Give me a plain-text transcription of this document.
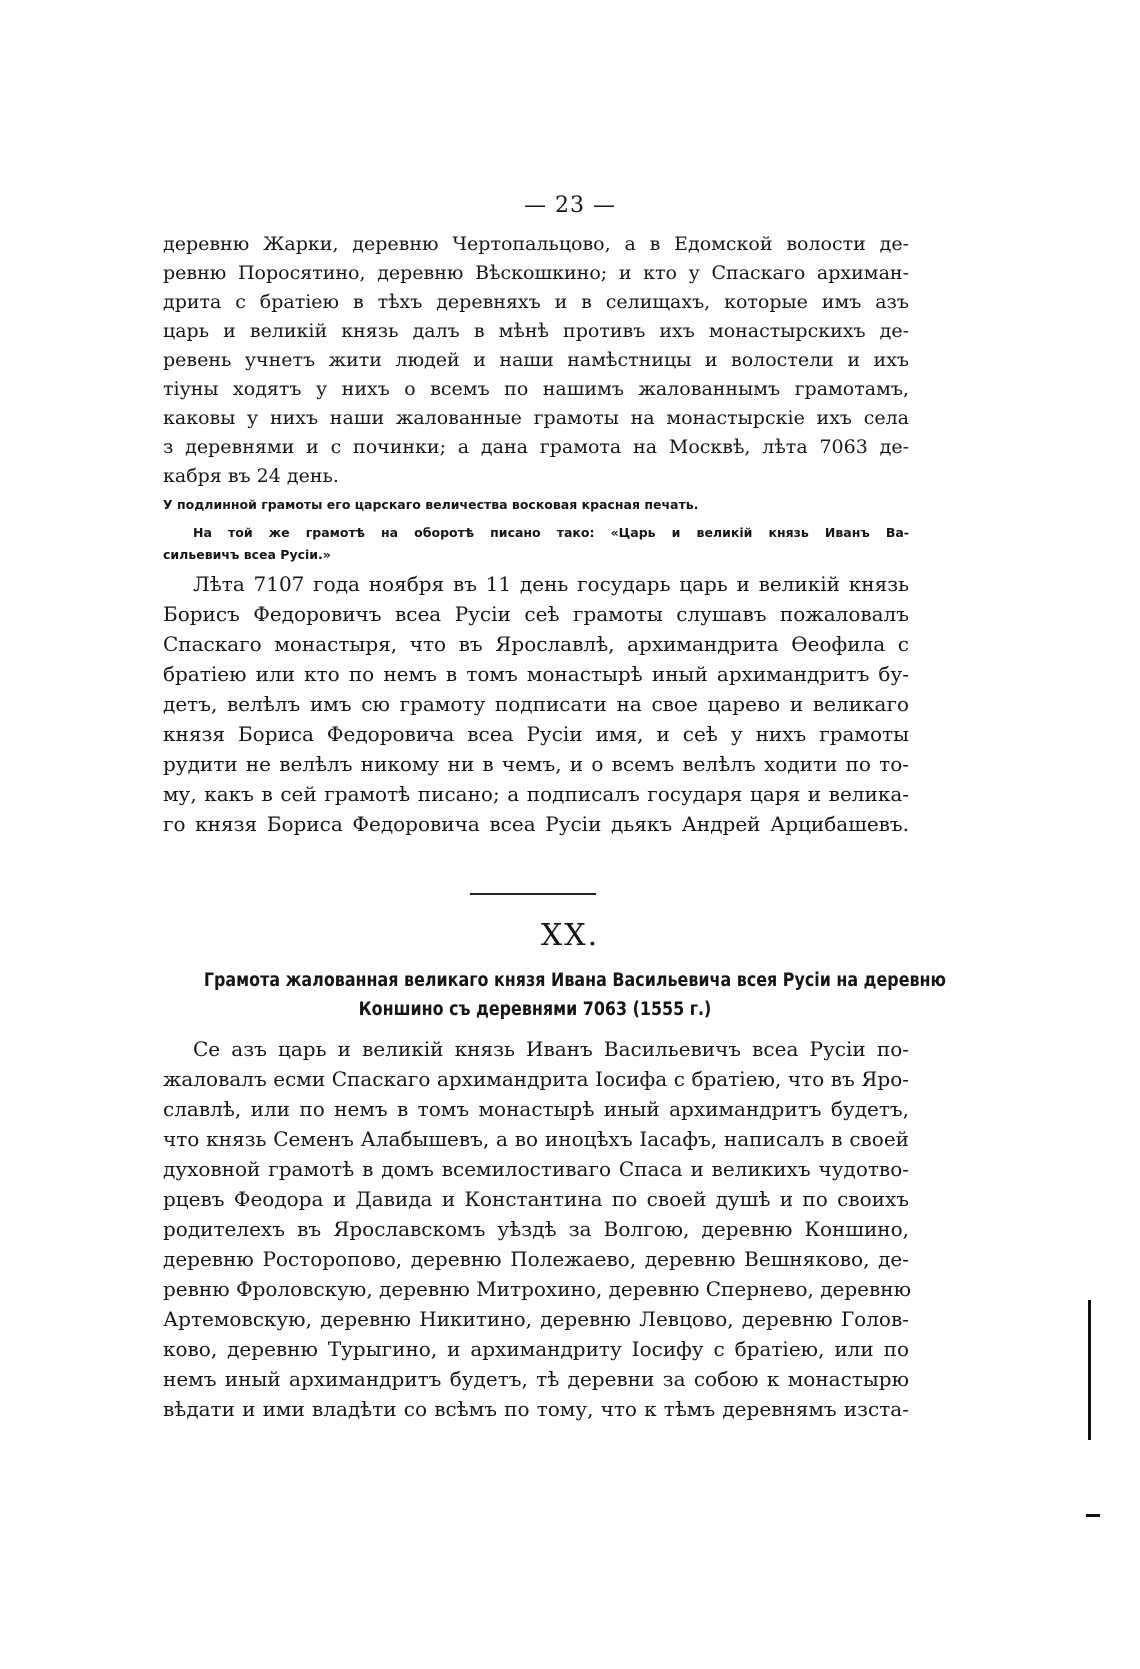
— 23 —
деревню Жарки, деревню Чертопальцово, а в Едомской волости де-
ревню Поросятино, деревню Вѣскошкино; и кто у Спаскаго архиман-
дрита с братiею в тѣхъ деревняхъ и в селищахъ, которые имъ азъ
царь и великiй князь далъ в мѣнѣ противъ ихъ монастырскихъ де-
ревень учнетъ жити людей и наши намѣстницы и волостели и ихъ
тiуны ходятъ у нихъ о всемъ по нашимъ жалованнымъ грамотамъ,
каковы у нихъ наши жалованные грамоты на монастырскiе ихъ села
з деревнями и с починки; а дана грамота на Москвѣ, лѣта 7063 де-
кабря въ 24 день.
У подлинной грамоты его царскаго величества восковая красная печать.
На той же грамотѣ на оборотѣ писано тако: «Царь и великiй князь Иванъ Ва-
сильевичъ всеа Русiи.»
Лѣта 7107 года ноября въ 11 день государь царь и великiй князь
Борисъ Федоровичъ всеа Русiи сеѣ грамоты слушавъ пожаловалъ
Спаскаго монастыря, что въ Ярославлѣ, архимандрита Ѳеофила с
братiею или кто по немъ в томъ монастырѣ иный архимандритъ бу-
детъ, велѣлъ имъ сю грамоту подписати на свое царево и великаго
князя Бориса Федоровича всеа Русiи имя, и сеѣ у нихъ грамоты
рудити не велѣлъ никому ни в чемъ, и о всемъ велѣлъ ходити по то-
му, какъ в сей грамотѣ писано; а подписалъ государя царя и велика-
го князя Бориса Федоровича всеа Русiи дьякъ Андрей Арцибашевъ.
XX.
Грамота жалованная великаго князя Ивана Васильевича всея Русiи на деревню
Коншино съ деревнями 7063 (1555 г.)
Се азъ царь и великiй князь Иванъ Васильевичъ всеа Русiи по-
жаловалъ есми Спаскаго архимандрита Iосифа с братiею, что въ Яро-
славлѣ, или по немъ в томъ монастырѣ иный архимандритъ будетъ,
что князь Семенъ Алабышевъ, а во иноцѣхъ Iасафъ, написалъ в своей
духовной грамотѣ в домъ всемилостиваго Спаса и великихъ чудотво-
рцевъ Феодора и Давида и Константина по своей душѣ и по своихъ
родителехъ въ Ярославскомъ уѣздѣ за Волгою, деревню Коншино,
деревню Росторопово, деревню Полежаево, деревню Вешняково, де-
ревню Фроловскую, деревню Митрохино, деревню Сперневo, деревню
Артемовскую, деревню Никитино, деревню Левцово, деревню Голов-
ково, деревню Турыгино, и архимандриту Iосифу с братiею, или по
немъ иный архимандритъ будетъ, тѣ деревни за собою к монастырю
вѣдати и ими владѣти со всѣмъ по тому, что к тѣмъ деревнямъ изста-
